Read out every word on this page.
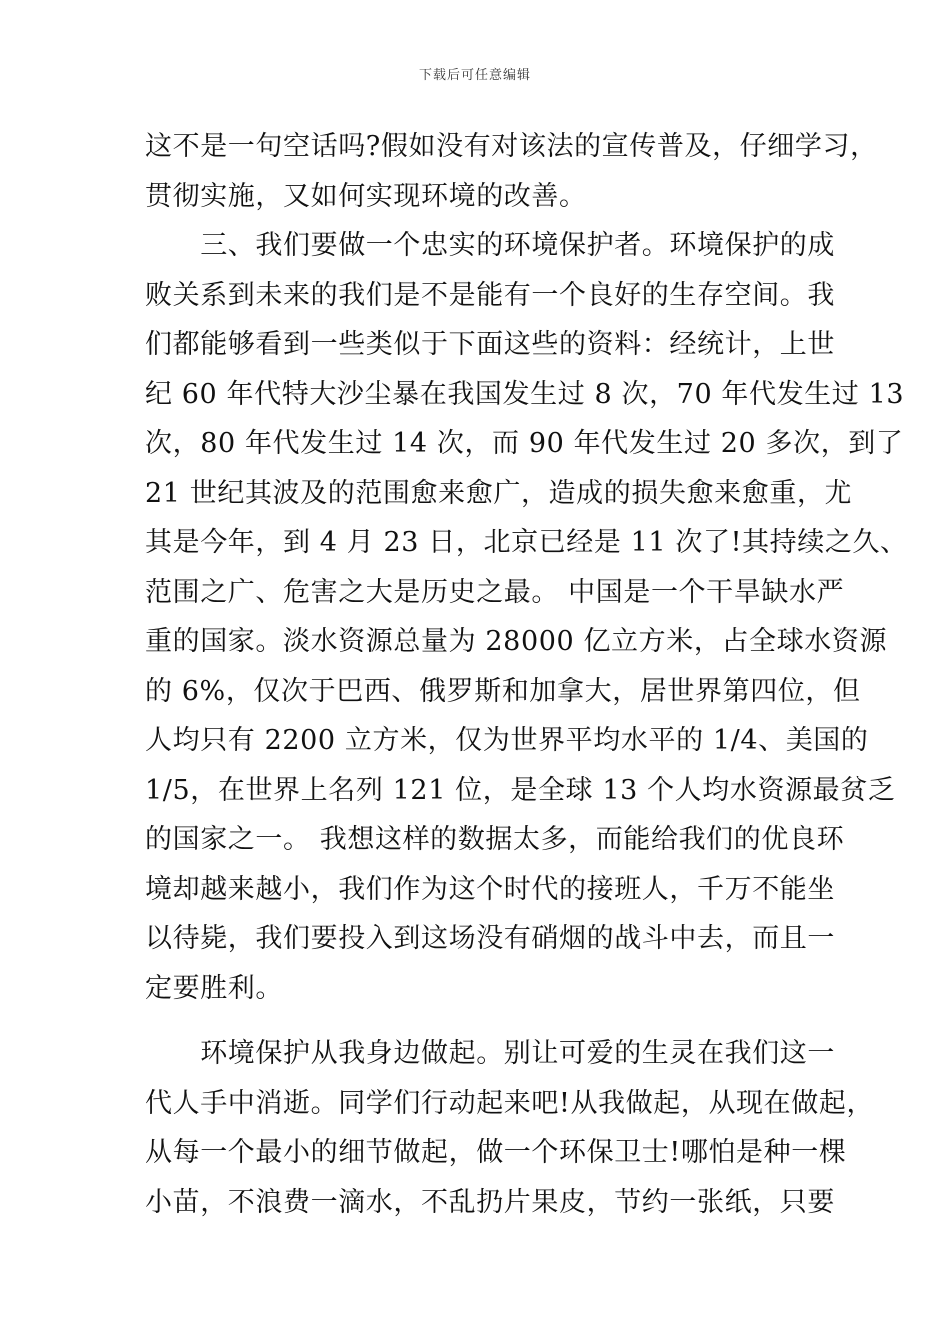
下载后可任意编辑
这不是一句空话吗?假如没有对该法的宣传普及，仔细学习，
贯彻实施，又如何实现环境的改善。
　　三、我们要做一个忠实的环境保护者。环境保护的成
败关系到未来的我们是不是能有一个良好的生存空间。我
们都能够看到一些类似于下面这些的资料：经统计，上世
纪 60 年代特大沙尘暴在我国发生过 8 次，70 年代发生过 13
次，80 年代发生过 14 次，而 90 年代发生过 20 多次，到了
21 世纪其波及的范围愈来愈广，造成的损失愈来愈重，尤
其是今年，到 4 月 23 日，北京已经是 11 次了!其持续之久、
范围之广、危害之大是历史之最。 中国是一个干旱缺水严
重的国家。淡水资源总量为 28000 亿立方米，占全球水资源
的 6%，仅次于巴西、俄罗斯和加拿大，居世界第四位，但
人均只有 2200 立方米，仅为世界平均水平的 1/4、美国的
1/5，在世界上名列 121 位，是全球 13 个人均水资源最贫乏
的国家之一。 我想这样的数据太多，而能给我们的优良环
境却越来越小，我们作为这个时代的接班人，千万不能坐
以待毙，我们要投入到这场没有硝烟的战斗中去，而且一
定要胜利。
　　环境保护从我身边做起。别让可爱的生灵在我们这一
代人手中消逝。同学们行动起来吧!从我做起，从现在做起，
从每一个最小的细节做起，做一个环保卫士!哪怕是种一棵
小苗，不浪费一滴水，不乱扔片果皮，节约一张纸，只要
